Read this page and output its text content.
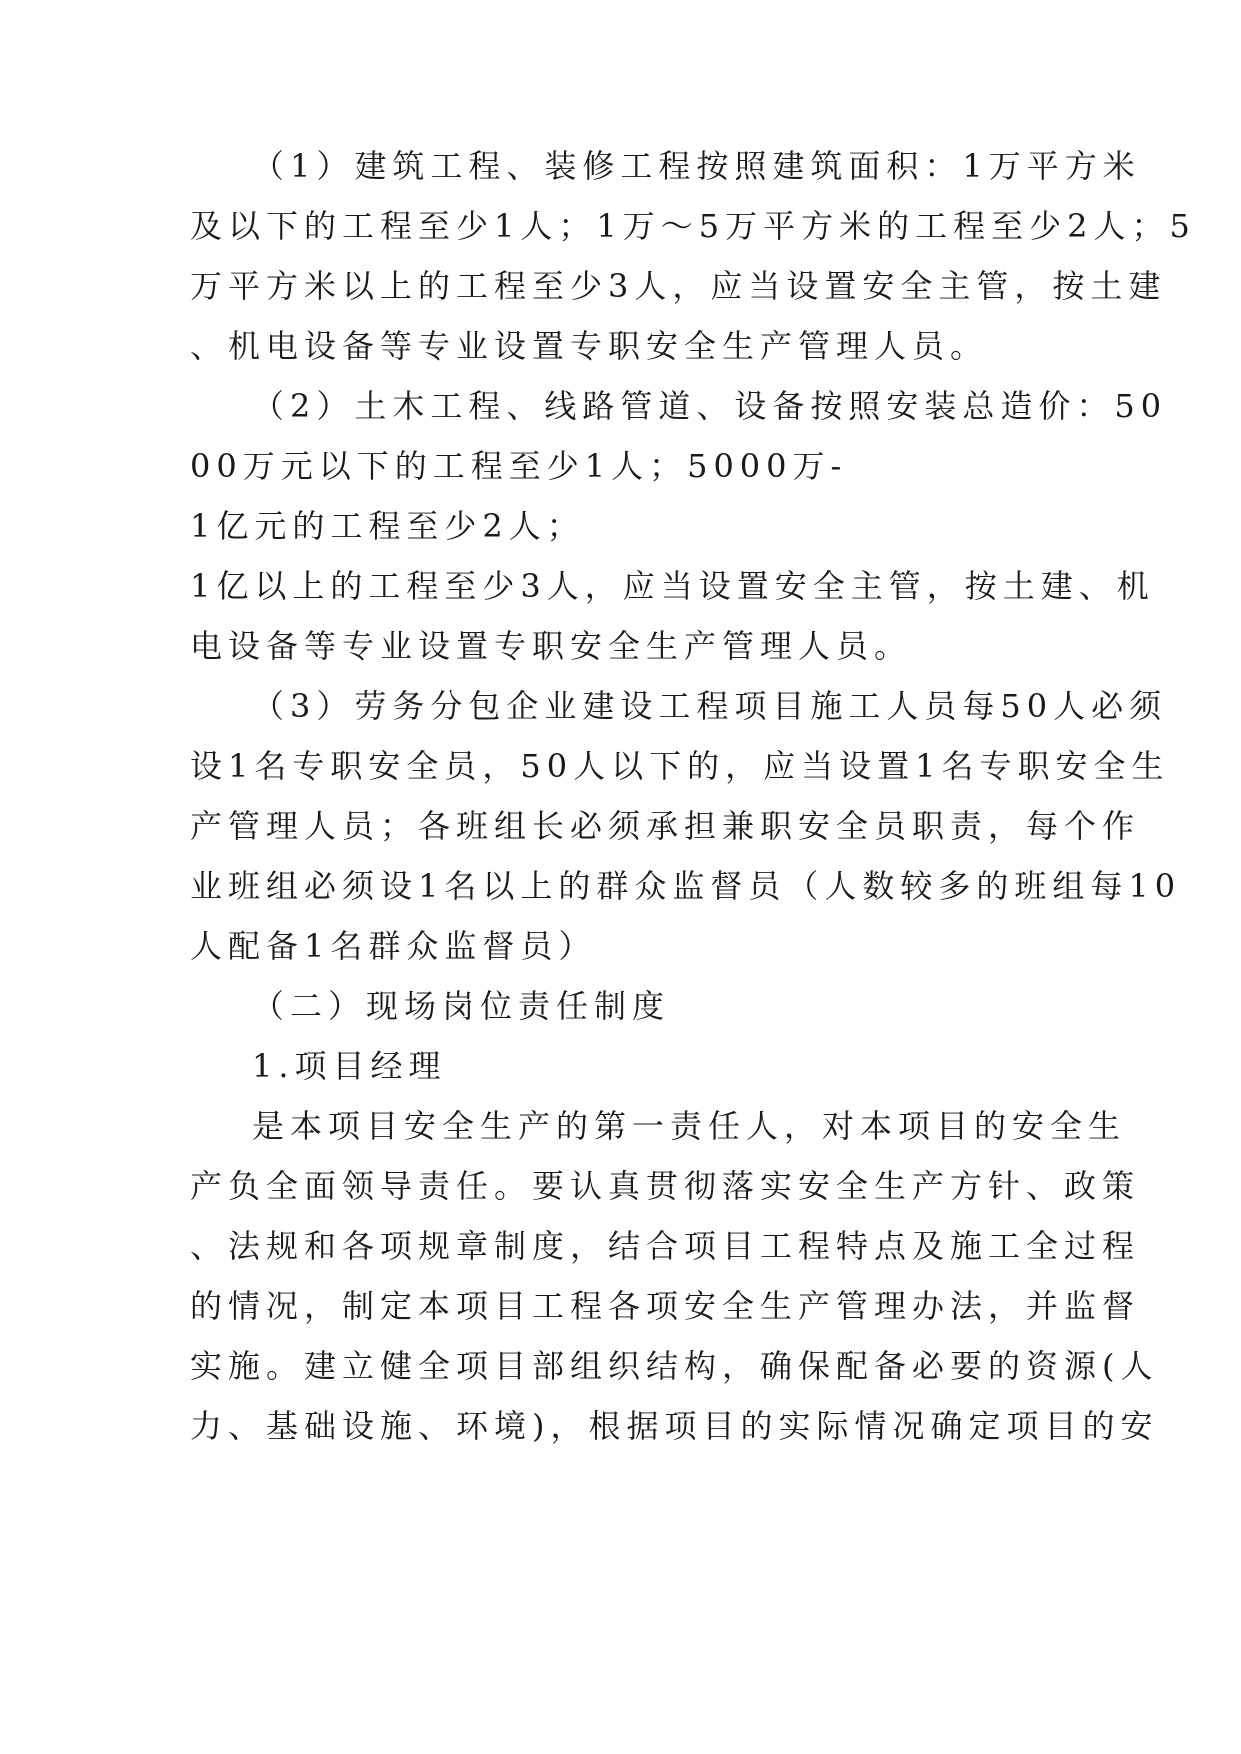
（1）建筑工程、装修工程按照建筑面积：1万平方米
及以下的工程至少1人；1万～5万平方米的工程至少2人；5
万平方米以上的工程至少3人，应当设置安全主管，按土建
、机电设备等专业设置专职安全生产管理人员。
（2）土木工程、线路管道、设备按照安装总造价：50
00万元以下的工程至少1人；5000万-
1亿元的工程至少2人；
1亿以上的工程至少3人，应当设置安全主管，按土建、机
电设备等专业设置专职安全生产管理人员。
（3）劳务分包企业建设工程项目施工人员每50人必须
设1名专职安全员，50人以下的，应当设置1名专职安全生
产管理人员；各班组长必须承担兼职安全员职责，每个作
业班组必须设1名以上的群众监督员（人数较多的班组每10
人配备1名群众监督员）
（二）现场岗位责任制度
1.项目经理
是本项目安全生产的第一责任人，对本项目的安全生
产负全面领导责任。要认真贯彻落实安全生产方针、政策
、法规和各项规章制度，结合项目工程特点及施工全过程
的情况，制定本项目工程各项安全生产管理办法，并监督
实施。建立健全项目部组织结构，确保配备必要的资源(人
力、基础设施、环境)，根据项目的实际情况确定项目的安
